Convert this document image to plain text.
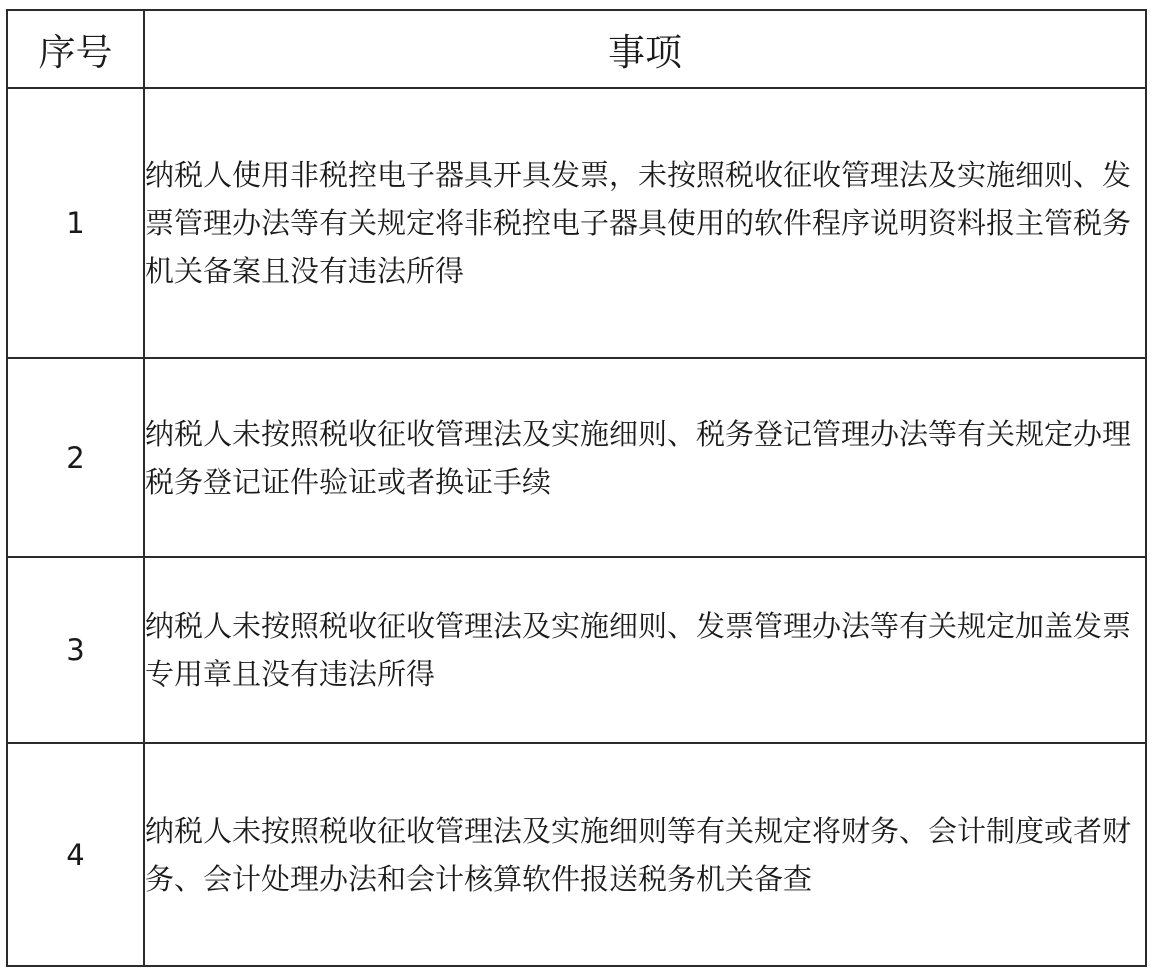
序号	事项
1	纳税人使用非税控电子器具开具发票，未按照税收征收管理法及实施细则、发票管理办法等有关规定将非税控电子器具使用的软件程序说明资料报主管税务机关备案且没有违法所得
2	纳税人未按照税收征收管理法及实施细则、税务登记管理办法等有关规定办理税务登记证件验证或者换证手续
3	纳税人未按照税收征收管理法及实施细则、发票管理办法等有关规定加盖发票专用章且没有违法所得
4	纳税人未按照税收征收管理法及实施细则等有关规定将财务、会计制度或者财务、会计处理办法和会计核算软件报送税务机关备查
